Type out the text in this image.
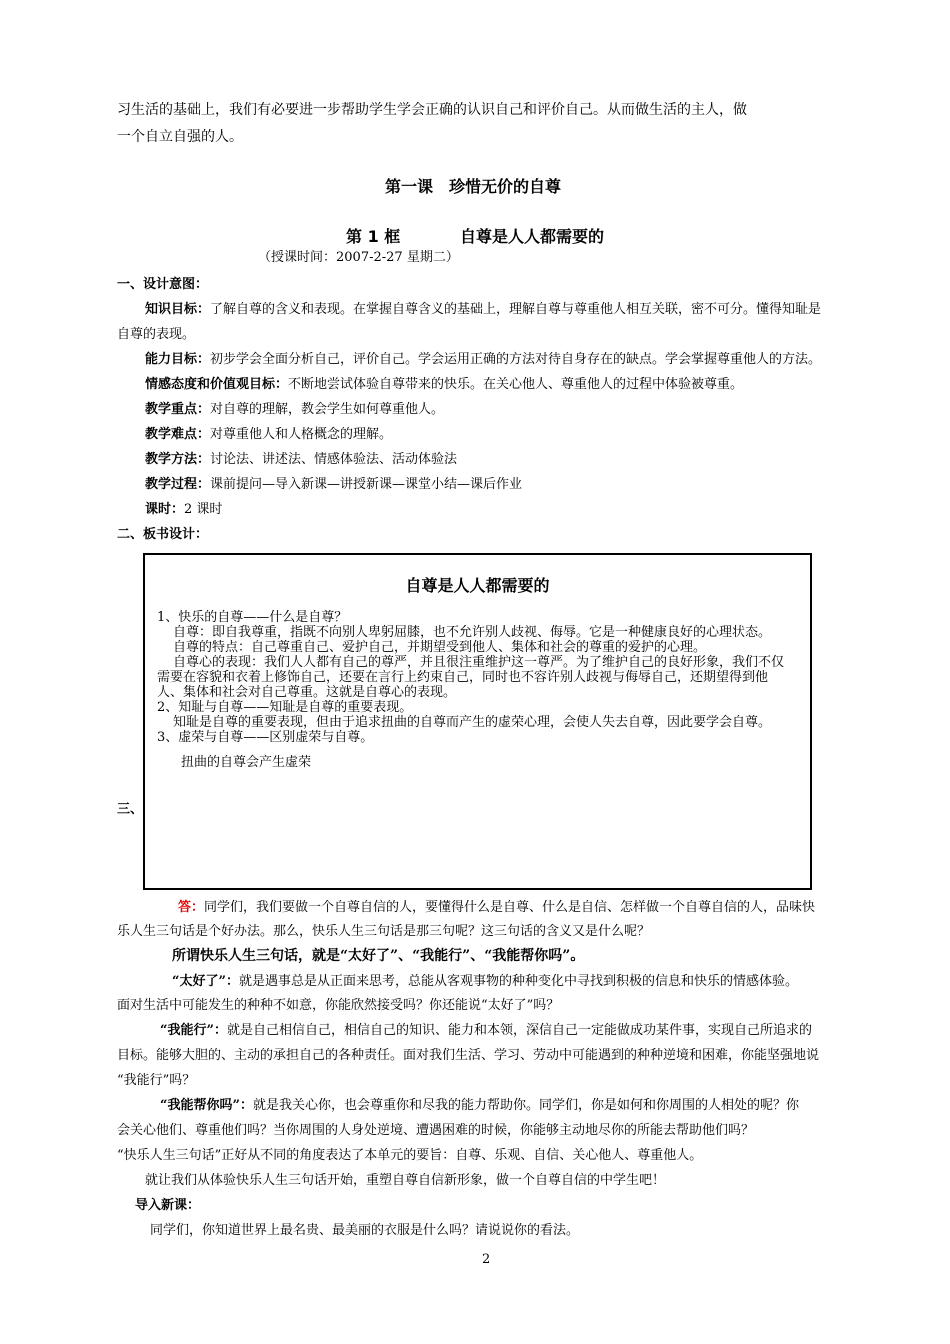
习生活的基础上，我们有必要进一步帮助学生学会正确的认识自己和评价自己。从而做生活的主人，做
一个自立自强的人。
第一课　珍惜无价的自尊
第 1 框	自尊是人人都需要的
（授课时间：2007-2-27 星期二）
一、设计意图：
知识目标：了解自尊的含义和表现。在掌握自尊含义的基础上，理解自尊与尊重他人相互关联，密不可分。懂得知耻是
自尊的表现。
能力目标：初步学会全面分析自己，评价自己。学会运用正确的方法对待自身存在的缺点。学会掌握尊重他人的方法。
情感态度和价值观目标：不断地尝试体验自尊带来的快乐。在关心他人、尊重他人的过程中体验被尊重。
教学重点：对自尊的理解，教会学生如何尊重他人。
教学难点：对尊重他人和人格概念的理解。
教学方法：讨论法、讲述法、情感体验法、活动体验法
教学过程：课前提问—导入新课—讲授新课—课堂小结—课后作业
课时：2 课时
二、板书设计：
三、
自尊是人人都需要的
1、快乐的自尊——什么是自尊？
自尊：即自我尊重，指既不向别人卑躬屈膝，也不允许别人歧视、侮辱。它是一种健康良好的心理状态。
自尊的特点：自己尊重自己、爱护自己，并期望受到他人、集体和社会的尊重的爱护的心理。
自尊心的表现：我们人人都有自己的尊严，并且很注重维护这一尊严。为了维护自己的良好形象，我们不仅
需要在容貌和衣着上修饰自己，还要在言行上约束自己，同时也不容许别人歧视与侮辱自己，还期望得到他
人、集体和社会对自己尊重。这就是自尊心的表现。
2、知耻与自尊——知耻是自尊的重要表现。
知耻是自尊的重要表现，但由于追求扭曲的自尊而产生的虚荣心理，会使人失去自尊，因此要学会自尊。
3、虚荣与自尊——区别虚荣与自尊。
扭曲的自尊会产生虚荣
答：同学们，我们要做一个自尊自信的人，要懂得什么是自尊、什么是自信、怎样做一个自尊自信的人，品味快
乐人生三句话是个好办法。那么，快乐人生三句话是那三句呢？这三句话的含义又是什么呢？
所谓快乐人生三句话，就是“太好了”、“我能行”、“我能帮你吗”。
“太好了”：就是遇事总是从正面来思考，总能从客观事物的种种变化中寻找到积极的信息和快乐的情感体验。
面对生活中可能发生的种种不如意，你能欣然接受吗？你还能说“太好了”吗？
“我能行”：就是自己相信自己，相信自己的知识、能力和本领，深信自己一定能做成功某件事，实现自己所追求的
目标。能够大胆的、主动的承担自己的各种责任。面对我们生活、学习、劳动中可能遇到的种种逆境和困难，你能坚强地说
“我能行”吗？
“我能帮你吗”：就是我关心你，也会尊重你和尽我的能力帮助你。同学们，你是如何和你周围的人相处的呢？你
会关心他们、尊重他们吗？当你周围的人身处逆境、遭遇困难的时候，你能够主动地尽你的所能去帮助他们吗？
“快乐人生三句话”正好从不同的角度表达了本单元的要旨：自尊、乐观、自信、关心他人、尊重他人。
就让我们从体验快乐人生三句话开始，重塑自尊自信新形象，做一个自尊自信的中学生吧！
导入新课：
同学们，你知道世界上最名贵、最美丽的衣服是什么吗？请说说你的看法。
2
